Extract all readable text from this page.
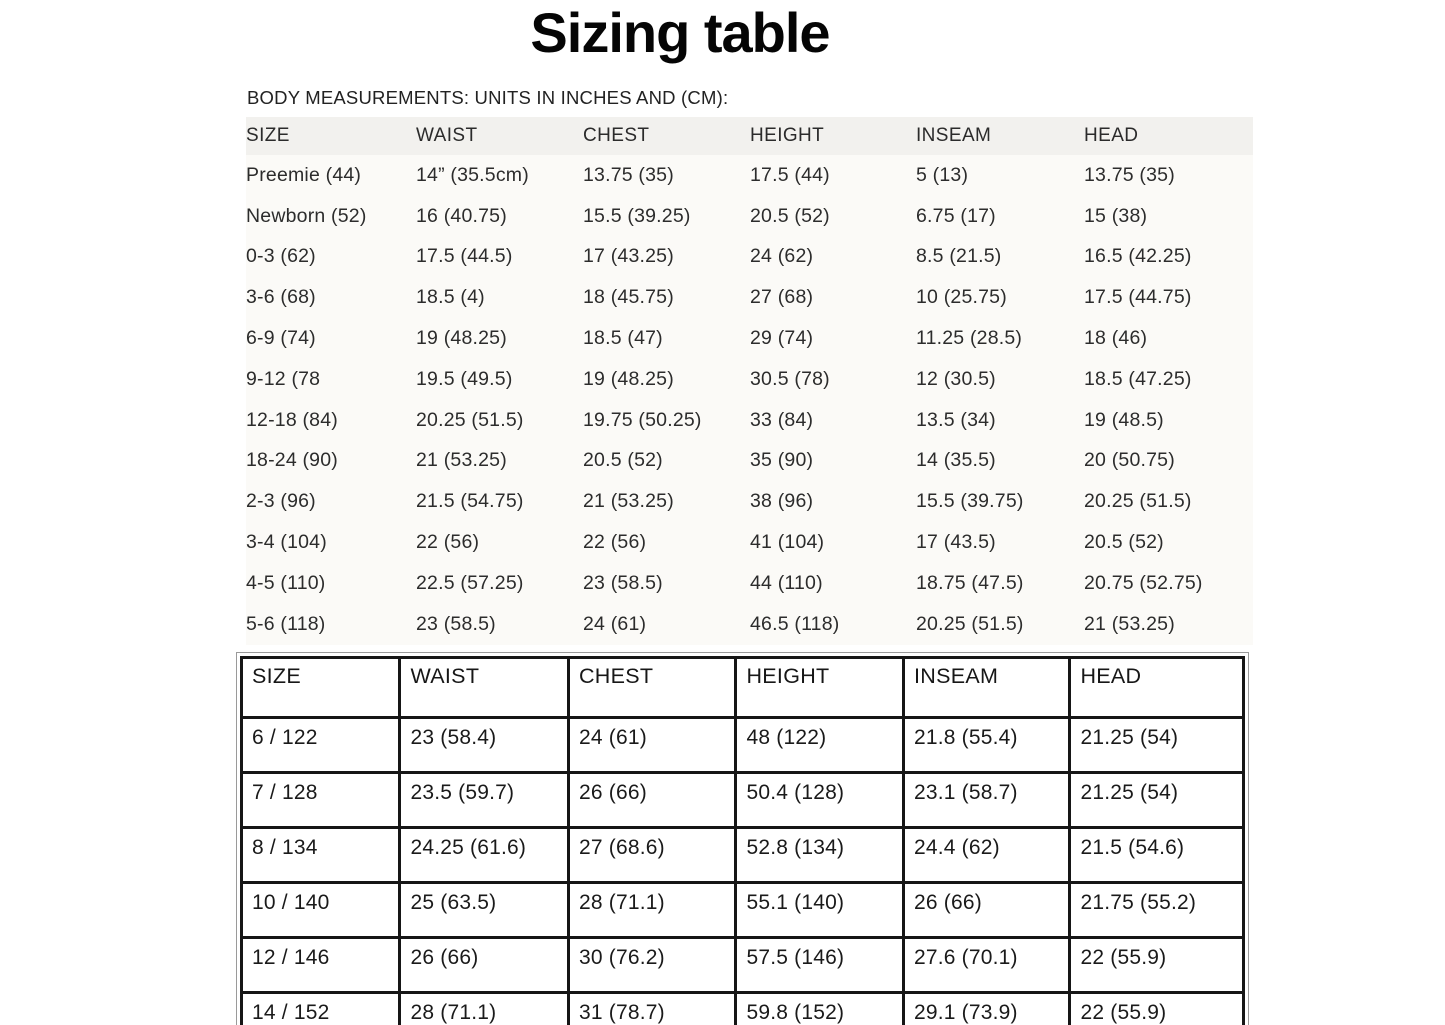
Sizing table
BODY MEASUREMENTS: UNITS IN INCHES AND (CM):
SIZE	WAIST	CHEST	HEIGHT	INSEAM	HEAD
Preemie (44)	14” (35.5cm)	13.75 (35)	17.5 (44)	5 (13)	13.75 (35)
Newborn (52)	16 (40.75)	15.5 (39.25)	20.5 (52)	6.75 (17)	15 (38)
0-3 (62)	17.5 (44.5)	17 (43.25)	24 (62)	8.5 (21.5)	16.5 (42.25)
3-6 (68)	18.5 (4)	18 (45.75)	27 (68)	10 (25.75)	17.5 (44.75)
6-9 (74)	19 (48.25)	18.5 (47)	29 (74)	11.25 (28.5)	18 (46)
9-12 (78	19.5 (49.5)	19 (48.25)	30.5 (78)	12 (30.5)	18.5 (47.25)
12-18 (84)	20.25 (51.5)	19.75 (50.25)	33 (84)	13.5 (34)	19 (48.5)
18-24 (90)	21 (53.25)	20.5 (52)	35 (90)	14 (35.5)	20 (50.75)
2-3 (96)	21.5 (54.75)	21 (53.25)	38 (96)	15.5 (39.75)	20.25 (51.5)
3-4 (104)	22 (56)	22 (56)	41 (104)	17 (43.5)	20.5 (52)
4-5 (110)	22.5 (57.25)	23 (58.5)	44 (110)	18.75 (47.5)	20.75 (52.75)
5-6 (118)	23 (58.5)	24 (61)	46.5 (118)	20.25 (51.5)	21 (53.25)
SIZE	WAIST	CHEST	HEIGHT	INSEAM	HEAD
6 / 122	23 (58.4)	24 (61)	48 (122)	21.8 (55.4)	21.25 (54)
7 / 128	23.5 (59.7)	26 (66)	50.4 (128)	23.1 (58.7)	21.25 (54)
8 / 134	24.25 (61.6)	27 (68.6)	52.8 (134)	24.4 (62)	21.5 (54.6)
10 / 140	25 (63.5)	28 (71.1)	55.1 (140)	26 (66)	21.75 (55.2)
12 / 146	26 (66)	30 (76.2)	57.5 (146)	27.6 (70.1)	22 (55.9)
14 / 152	28 (71.1)	31 (78.7)	59.8 (152)	29.1 (73.9)	22 (55.9)
